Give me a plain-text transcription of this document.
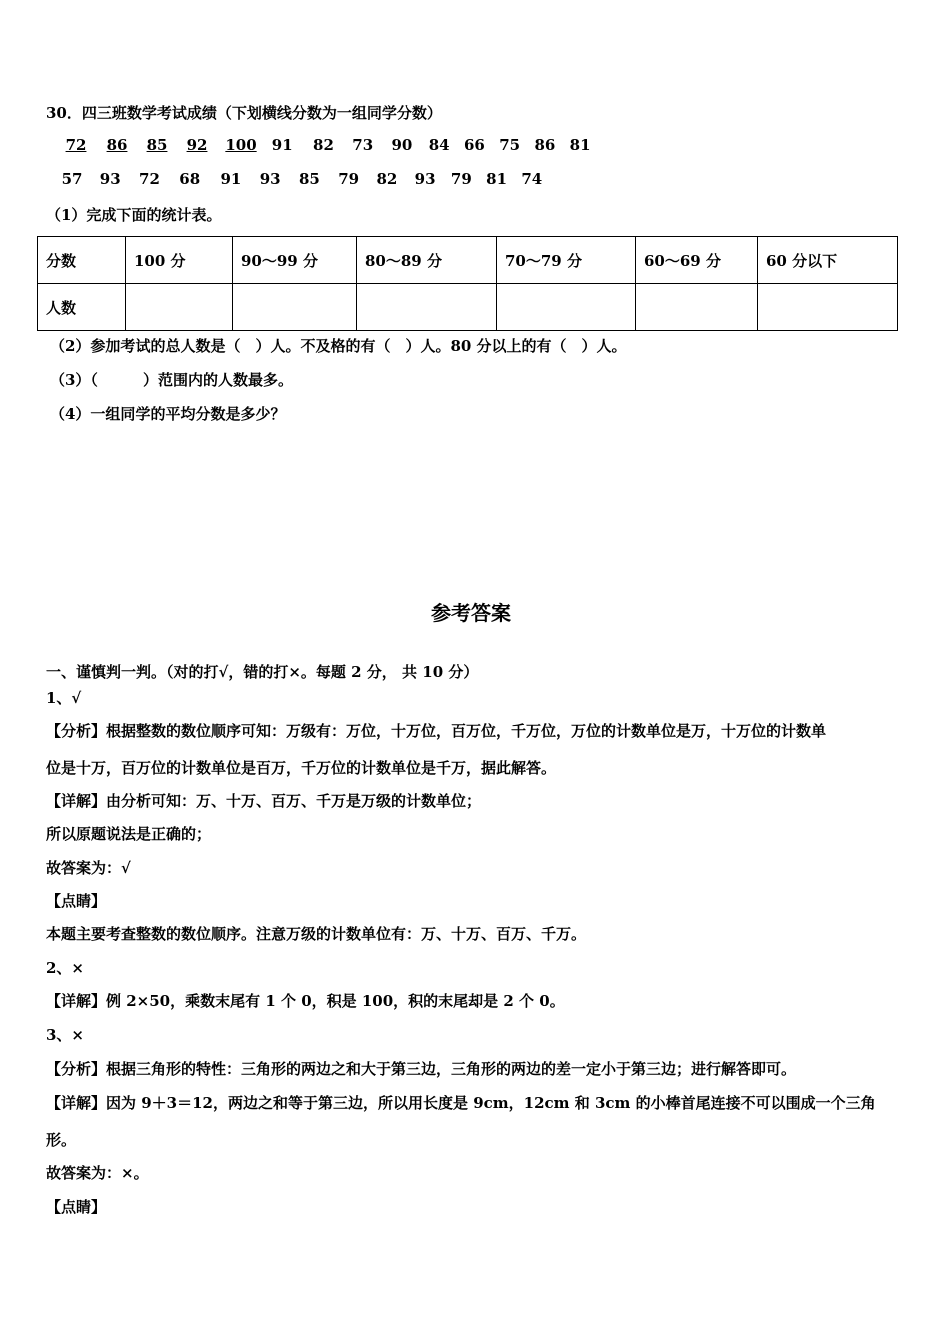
30．四三班数学考试成绩（下划横线分数为一组同学分数）
72 86 85 92 100 91 82 73 90 84 66 75 86 81
57 93 72 68 91 93 85 79 82 93 79 81 74
（1）完成下面的统计表。
分数	100 分	90～99 分	80～89 分	70～79 分	60～69 分	60 分以下
人数						
（2）参加考试的总人数是（　）人。不及格的有（　）人。80 分以上的有（　）人。
（3）（　　　）范围内的人数最多。
（4）一组同学的平均分数是多少？
参考答案
一、谨慎判一判。（对的打√，错的打×。每题 2 分， 共 10 分）
1、√
【分析】根据整数的数位顺序可知：万级有：万位，十万位，百万位，千万位，万位的计数单位是万，十万位的计数单
位是十万，百万位的计数单位是百万，千万位的计数单位是千万，据此解答。
【详解】由分析可知：万、十万、百万、千万是万级的计数单位；
所以原题说法是正确的；
故答案为：√
【点睛】
本题主要考查整数的数位顺序。注意万级的计数单位有：万、十万、百万、千万。
2、×
【详解】例 2×50，乘数末尾有 1 个 0，积是 100，积的末尾却是 2 个 0。
3、×
【分析】根据三角形的特性：三角形的两边之和大于第三边，三角形的两边的差一定小于第三边；进行解答即可。
【详解】因为 9＋3＝12，两边之和等于第三边，所以用长度是 9cm，12cm 和 3cm 的小棒首尾连接不可以围成一个三角
形。
故答案为：×。
【点睛】
